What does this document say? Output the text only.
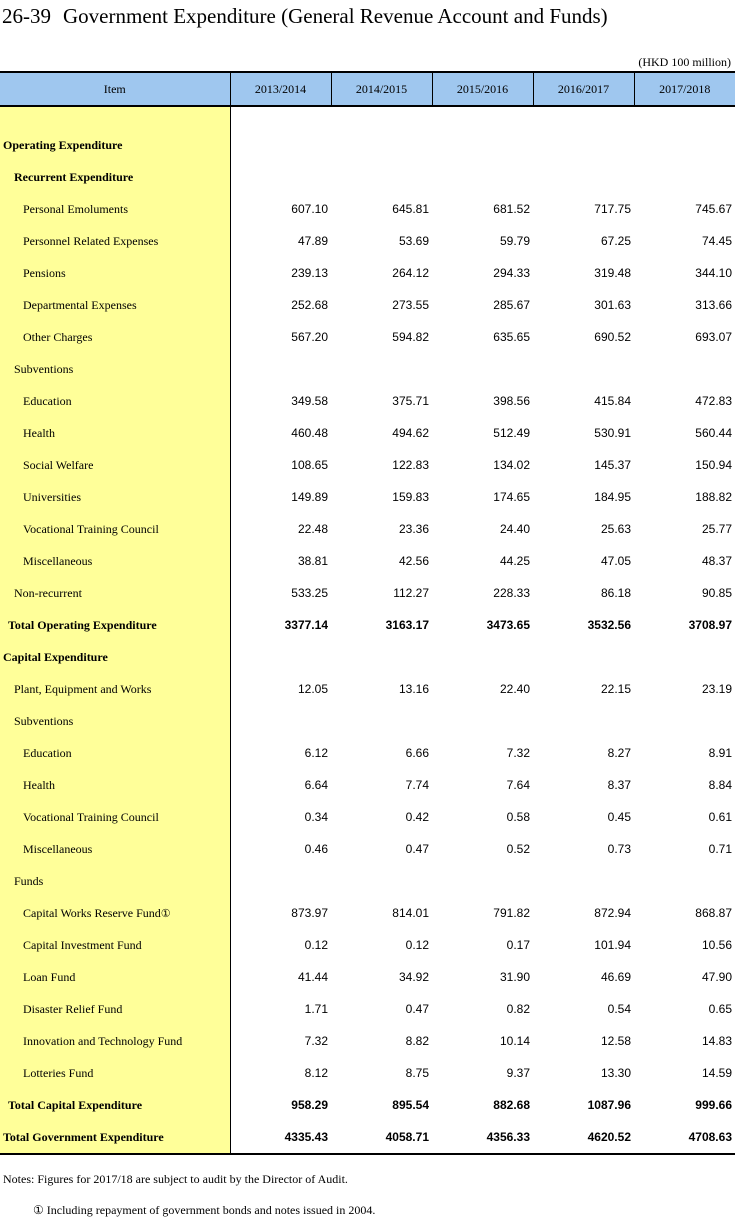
26-39 Government Expenditure (General Revenue Account and Funds)
(HKD 100 million)
Item	2013/2014	2014/2015	2015/2016	2016/2017	2017/2018

Operating Expenditure					
Recurrent Expenditure					
Personal Emoluments	607.10	645.81	681.52	717.75	745.67
Personnel Related Expenses	47.89	53.69	59.79	67.25	74.45
Pensions	239.13	264.12	294.33	319.48	344.10
Departmental Expenses	252.68	273.55	285.67	301.63	313.66
Other Charges	567.20	594.82	635.65	690.52	693.07
Subventions					
Education	349.58	375.71	398.56	415.84	472.83
Health	460.48	494.62	512.49	530.91	560.44
Social Welfare	108.65	122.83	134.02	145.37	150.94
Universities	149.89	159.83	174.65	184.95	188.82
Vocational Training Council	22.48	23.36	24.40	25.63	25.77
Miscellaneous	38.81	42.56	44.25	47.05	48.37
Non-recurrent	533.25	112.27	228.33	86.18	90.85
Total Operating Expenditure	3377.14	3163.17	3473.65	3532.56	3708.97
Capital Expenditure					
Plant, Equipment and Works	12.05	13.16	22.40	22.15	23.19
Subventions					
Education	6.12	6.66	7.32	8.27	8.91
Health	6.64	7.74	7.64	8.37	8.84
Vocational Training Council	0.34	0.42	0.58	0.45	0.61
Miscellaneous	0.46	0.47	0.52	0.73	0.71
Funds					
Capital Works Reserve Fund①	873.97	814.01	791.82	872.94	868.87
Capital Investment Fund	0.12	0.12	0.17	101.94	10.56
Loan Fund	41.44	34.92	31.90	46.69	47.90
Disaster Relief Fund	1.71	0.47	0.82	0.54	0.65
Innovation and Technology Fund	7.32	8.82	10.14	12.58	14.83
Lotteries Fund	8.12	8.75	9.37	13.30	14.59
Total Capital Expenditure	958.29	895.54	882.68	1087.96	999.66
Total Government Expenditure	4335.43	4058.71	4356.33	4620.52	4708.63
Notes: Figures for 2017/18 are subject to audit by the Director of Audit.
① Including repayment of government bonds and notes issued in 2004.
